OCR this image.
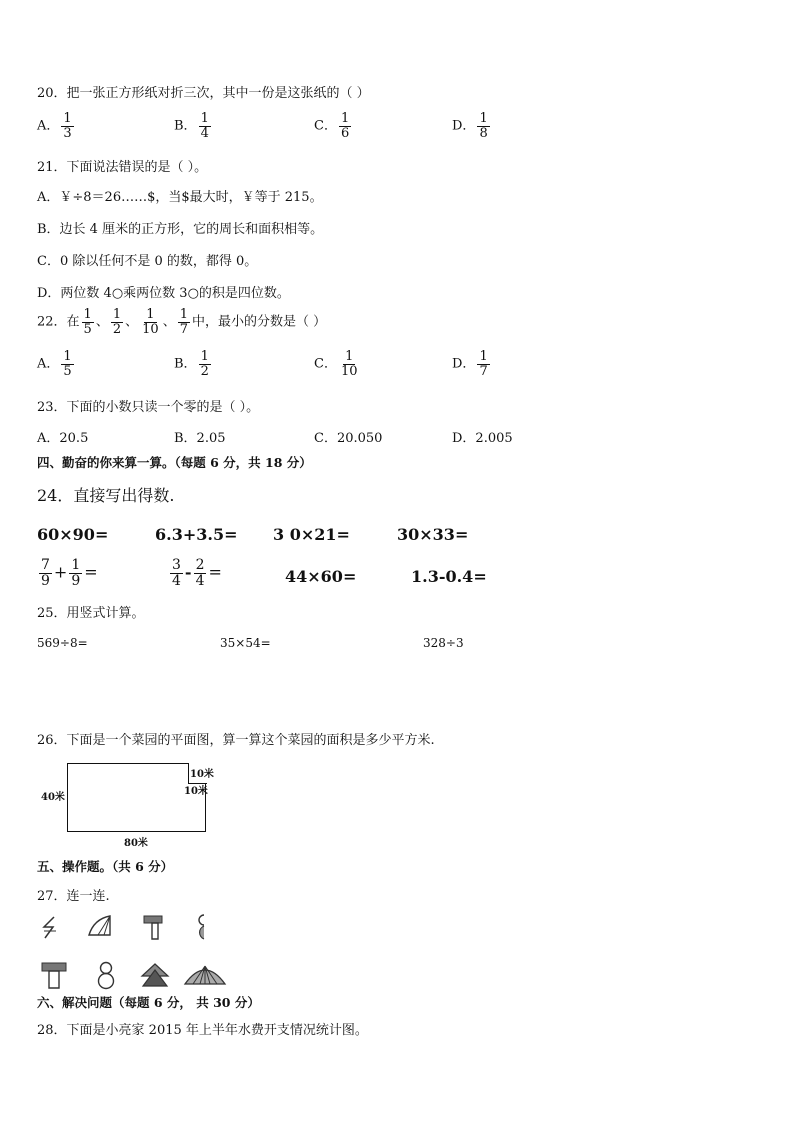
20．把一张正方形纸对折三次，其中一份是这张纸的（ ）
A． $\frac{1}{3}$	B． $\frac{1}{4}$	C． $\frac{1}{6}$	D． $\frac{1}{8}$
21．下面说法错误的是（ ）。
A．￥÷8＝26……$，当$最大时，￥等于 215。
B．边长 4 厘米的正方形，它的周长和面积相等。
C．0 除以任何不是 0 的数，都得 0。
D．两位数 4○乘两位数 3○的积是四位数。
22．在 $\frac{1}{5}$ 、 $\frac{1}{2}$ 、 $\frac{1}{10}$ 、 $\frac{1}{7}$ 中，最小的分数是（ ）
A． $\frac{1}{5}$	B． $\frac{1}{2}$	C． $\frac{1}{10}$	D． $\frac{1}{7}$
23．下面的小数只读一个零的是（ ）。
A．20.5	B．2.05	C．20.050	D．2.005
四、勤奋的你来算一算。（每题 6 分，共 18 分）
24．直接写出得数.
60×90=	6.3+3.5= 3 0×21=	30×33=
$\frac{7}{9} + \frac{1}{9}$ =	$\frac{3}{4} - \frac{2}{4}$ =	44×60=	1.3-0.4=
25．用竖式计算。
569÷8=	35×54=	328÷3
26．下面是一个菜园的平面图，算一算这个菜园的面积是多少平方米.
40米
80米
10米
10米
五、操作题。（共 6 分）
27．连一连.
六、解决问题（每题 6 分， 共 30 分）
28．下面是小亮家 2015 年上半年水费开支情况统计图。
